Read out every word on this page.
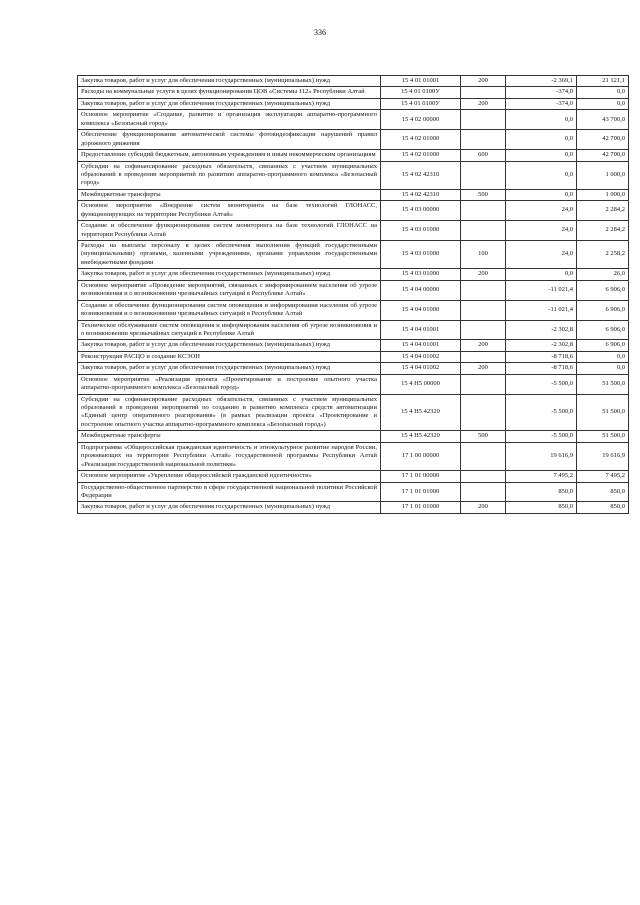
336
Закупка товаров, работ и услуг для обеспечения государственных (муниципальных) нужд	15 4 01 01001	200	-2 369,1	21 121,1
Расходы на коммунальные услуги в целях функционирования ЦОВ «Системы 112» Республики Алтай	15 4 01 0100У		-374,0	0,0
Закупка товаров, работ и услуг для обеспечения государственных (муниципальных) нужд	15 4 01 0100У	200	-374,0	0,0
Основное мероприятие «Создание, развитие и организация эксплуатации аппаратно-программного комплекса «Безопасный город»	15 4 02 00000		0,0	43 700,0
Обеспечение функционирования автоматической системы фотовидеофиксации нарушений правил дорожного движения	15 4 02 01000		0,0	42 700,0
Предоставление субсидий бюджетным, автономным учреждениям и иным некоммерческим организациям	15 4 02 01000	600	0,0	42 700,0
Субсидии на софинансирование расходных обязательств, связанных с участием муниципальных образований в проведении мероприятий по развитию аппаратно-программного комплекса «Безопасный город»	15 4 02 42310		0,0	1 000,0
Межбюджетные трансферты	15 4 02 42310	500	0,0	1 000,0
Основное мероприятие «Внедрение систем мониторинга на базе технологий ГЛОНАСС, функционирующих на территории Республики Алтай»	15 4 03 00000		24,0	2 284,2
Создание и обеспечение функционирования систем мониторинга на базе технологий ГЛОНАСС на территории Республики Алтай	15 4 03 01000		24,0	2 284,2
Расходы на выплаты персоналу в целях обеспечения выполнения функций государственными (муниципальными) органами, казенными учреждениями, органами управления государственными внебюджетными фондами	15 4 03 01000	100	24,0	2 258,2
Закупка товаров, работ и услуг для обеспечения государственных (муниципальных) нужд	15 4 03 01000	200	0,0	26,0
Основное мероприятие «Проведение мероприятий, связанных с информированием населения об угрозе возникновения и о возникновении чрезвычайных ситуаций в Республике Алтай»	15 4 04 00000		-11 021,4	6 906,0
Создание и обеспечение функционирования систем оповещения и информирования населения об угрозе возникновения и о возникновении чрезвычайных ситуаций в Республике Алтай	15 4 04 01000		-11 021,4	6 906,0
Техническое обслуживание систем оповещения и информирования населения об угрозе возникновения и о возникновении чрезвычайных ситуаций в Республике Алтай	15 4 04 01001		-2 302,8	6 906,0
Закупка товаров, работ и услуг для обеспечения государственных (муниципальных) нужд	15 4 04 01001	200	-2 302,8	6 906,0
Реконструкция РАСЦО и создание КСЭОН	15 4 04 01002		-8 718,6	0,0
Закупка товаров, работ и услуг для обеспечения государственных (муниципальных) нужд	15 4 04 01002	200	-8 718,6	0,0
Основное мероприятие «Реализация проекта «Проектирование и построение опытного участка аппаратно-программного комплекса «Безопасный город»	15 4 Н5 00000		-5 500,0	51 500,0
Субсидии на софинансирование расходных обязательств, связанных с участием муниципальных образований в проведении мероприятий по созданию и развитию комплекса средств автоматизации «Единый центр оперативного реагирования» (в рамках реализации проекта «Проектирование и построение опытного участка аппаратно-программного комплекса «Безопасный город»)	15 4 Н5 42320		-5 500,0	51 500,0
Межбюджетные трансферты	15 4 Н5 42320	500	-5 500,0	51 500,0
Подпрограмма «Общероссийская гражданская идентичность и этнокультурное развитие народов России, проживающих на территории Республики Алтай» государственной программы Республики Алтай «Реализация государственной национальной политики»	17 1 00 00000		19 616,9	19 616,9
Основное мероприятие «Укрепление общероссийской гражданской идентичности»	17 1 01 00000		7 495,2	7 495,2
Государственно-общественное партнерство в сфере государственной национальной политики Российской Федерации	17 1 01 01000		850,0	850,0
Закупка товаров, работ и услуг для обеспечения государственных (муниципальных) нужд	17 1 01 01000	200	850,0	850,0
